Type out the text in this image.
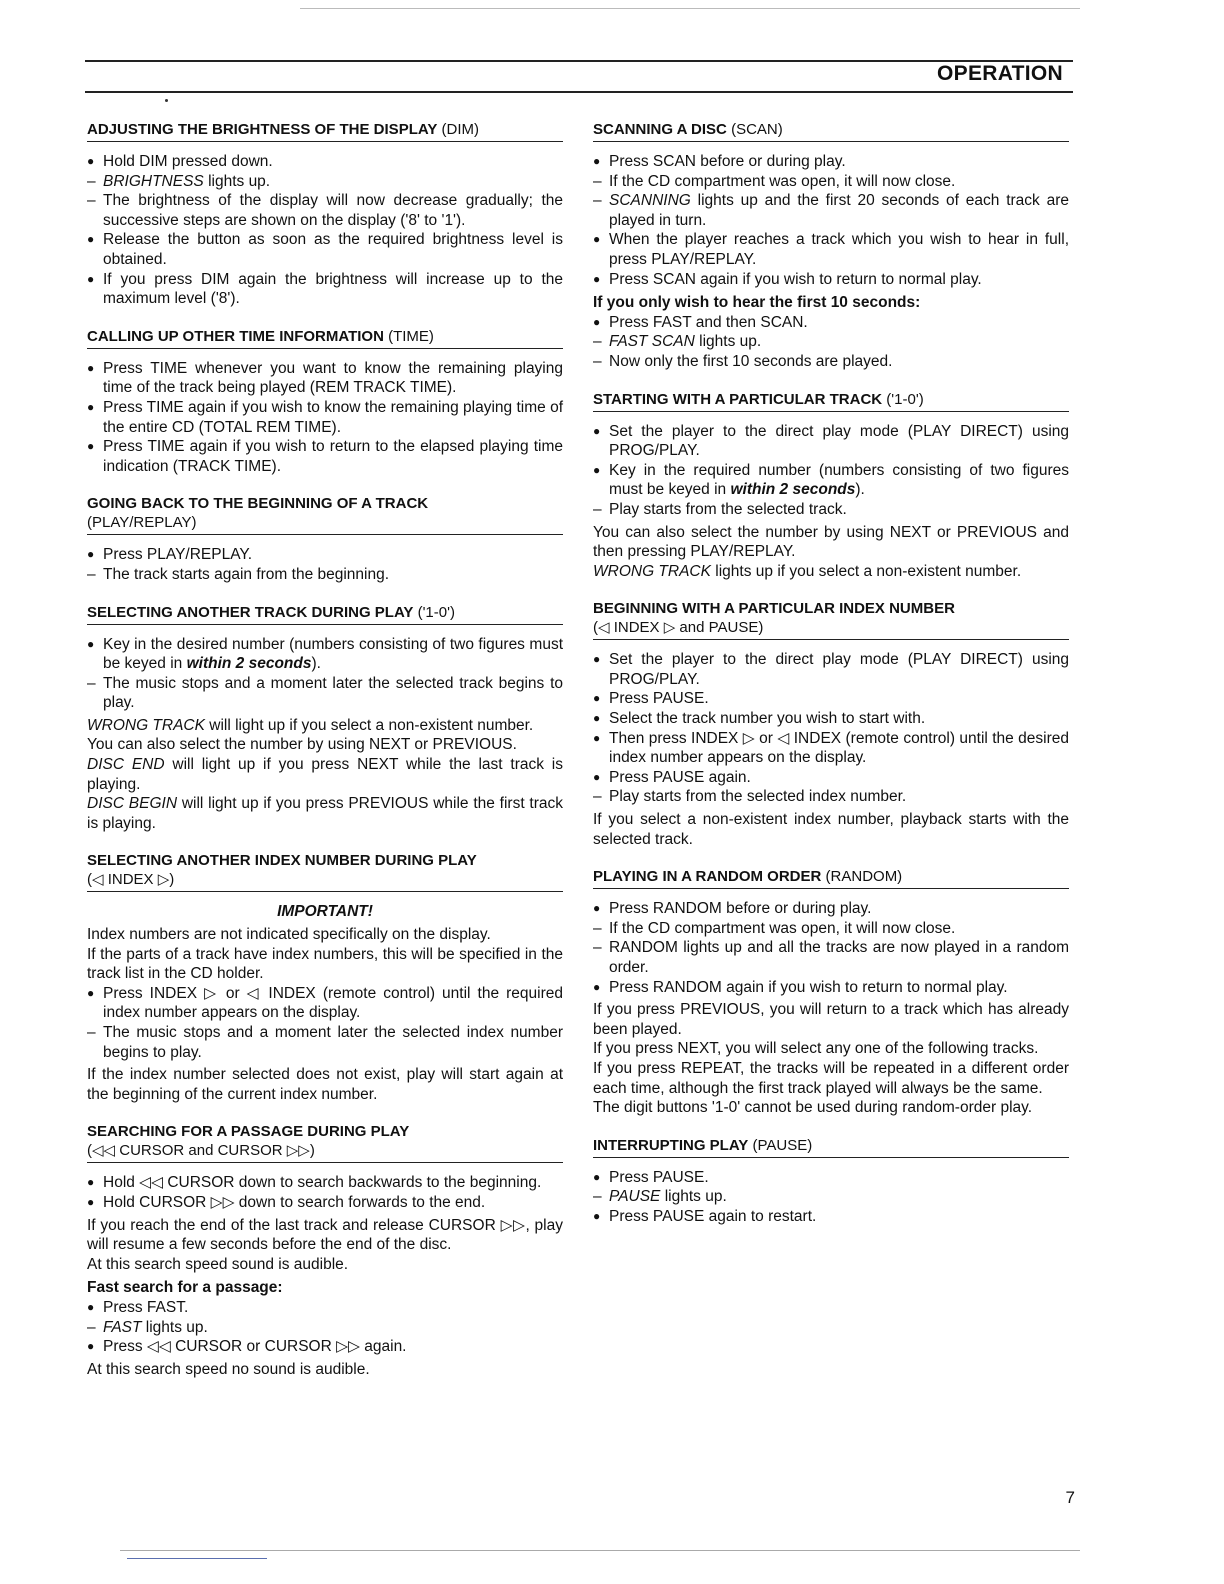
OPERATION
ADJUSTING THE BRIGHTNESS OF THE DISPLAY (DIM)
● Hold DIM pressed down.
– BRIGHTNESS lights up.
– The brightness of the display will now decrease gradually; the successive steps are shown on the display ('8' to '1').
● Release the button as soon as the required brightness level is obtained.
● If you press DIM again the brightness will increase up to the maximum level ('8').
CALLING UP OTHER TIME INFORMATION (TIME)
● Press TIME whenever you want to know the remaining playing time of the track being played (REM TRACK TIME).
● Press TIME again if you wish to know the remaining playing time of the entire CD (TOTAL REM TIME).
● Press TIME again if you wish to return to the elapsed playing time indication (TRACK TIME).
GOING BACK TO THE BEGINNING OF A TRACK
(PLAY/REPLAY)
● Press PLAY/REPLAY.
– The track starts again from the beginning.
SELECTING ANOTHER TRACK DURING PLAY ('1-0')
● Key in the desired number (numbers consisting of two figures must be keyed in within 2 seconds).
– The music stops and a moment later the selected track begins to play.
WRONG TRACK will light up if you select a non-existent number.
You can also select the number by using NEXT or PREVIOUS.
DISC END will light up if you press NEXT while the last track is playing.
DISC BEGIN will light up if you press PREVIOUS while the first track is playing.
SELECTING ANOTHER INDEX NUMBER DURING PLAY
(◁ INDEX ▷)
IMPORTANT!
Index numbers are not indicated specifically on the display.
If the parts of a track have index numbers, this will be specified in the track list in the CD holder.
● Press INDEX ▷ or ◁ INDEX (remote control) until the required index number appears on the display.
– The music stops and a moment later the selected index number begins to play.
If the index number selected does not exist, play will start again at the beginning of the current index number.
SEARCHING FOR A PASSAGE DURING PLAY
(◁◁ CURSOR and CURSOR ▷▷)
● Hold ◁◁ CURSOR down to search backwards to the beginning.
● Hold CURSOR ▷▷ down to search forwards to the end.
If you reach the end of the last track and release CURSOR ▷▷, play will resume a few seconds before the end of the disc.
At this search speed sound is audible.
Fast search for a passage:
● Press FAST.
– FAST lights up.
● Press ◁◁ CURSOR or CURSOR ▷▷ again.
At this search speed no sound is audible.
SCANNING A DISC (SCAN)
● Press SCAN before or during play.
– If the CD compartment was open, it will now close.
– SCANNING lights up and the first 20 seconds of each track are played in turn.
● When the player reaches a track which you wish to hear in full, press PLAY/REPLAY.
● Press SCAN again if you wish to return to normal play.
If you only wish to hear the first 10 seconds:
● Press FAST and then SCAN.
– FAST SCAN lights up.
– Now only the first 10 seconds are played.
STARTING WITH A PARTICULAR TRACK ('1-0')
● Set the player to the direct play mode (PLAY DIRECT) using PROG/PLAY.
● Key in the required number (numbers consisting of two figures must be keyed in within 2 seconds).
– Play starts from the selected track.
You can also select the number by using NEXT or PREVIOUS and then pressing PLAY/REPLAY.
WRONG TRACK lights up if you select a non-existent number.
BEGINNING WITH A PARTICULAR INDEX NUMBER
(◁ INDEX ▷ and PAUSE)
● Set the player to the direct play mode (PLAY DIRECT) using PROG/PLAY.
● Press PAUSE.
● Select the track number you wish to start with.
● Then press INDEX ▷ or ◁ INDEX (remote control) until the desired index number appears on the display.
● Press PAUSE again.
– Play starts from the selected index number.
If you select a non-existent index number, playback starts with the selected track.
PLAYING IN A RANDOM ORDER (RANDOM)
● Press RANDOM before or during play.
– If the CD compartment was open, it will now close.
– RANDOM lights up and all the tracks are now played in a random order.
● Press RANDOM again if you wish to return to normal play.
If you press PREVIOUS, you will return to a track which has already been played.
If you press NEXT, you will select any one of the following tracks.
If you press REPEAT, the tracks will be repeated in a different order each time, although the first track played will always be the same.
The digit buttons '1-0' cannot be used during random-order play.
INTERRUPTING PLAY (PAUSE)
● Press PAUSE.
– PAUSE lights up.
● Press PAUSE again to restart.
7
